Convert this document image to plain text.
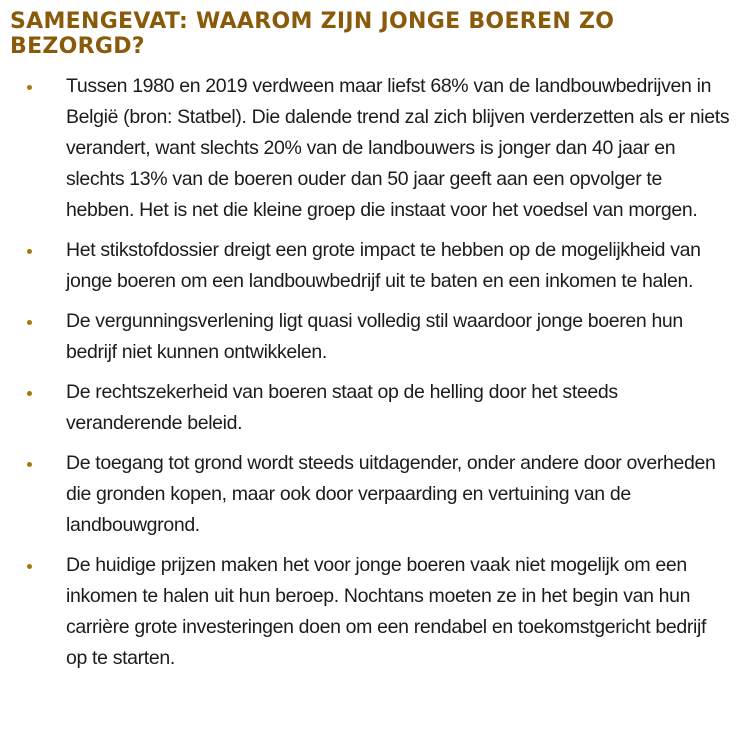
SAMENGEVAT: WAAROM ZIJN JONGE BOEREN ZO BEZORGD?
Tussen 1980 en 2019 verdween maar liefst 68% van de landbouwbedrijven in België (bron: Statbel). Die dalende trend zal zich blijven verderzetten als er niets verandert, want slechts 20% van de landbouwers is jonger dan 40 jaar en slechts 13% van de boeren ouder dan 50 jaar geeft aan een opvolger te hebben. Het is net die kleine groep die instaat voor het voedsel van morgen.
Het stikstofdossier dreigt een grote impact te hebben op de mogelijkheid van jonge boeren om een landbouwbedrijf uit te baten en een inkomen te halen.
De vergunningsverlening ligt quasi volledig stil waardoor jonge boeren hun bedrijf niet kunnen ontwikkelen.
De rechtszekerheid van boeren staat op de helling door het steeds veranderende beleid.
De toegang tot grond wordt steeds uitdagender, onder andere door overheden die gronden kopen, maar ook door verpaarding en vertuining van de landbouwgrond.
De huidige prijzen maken het voor jonge boeren vaak niet mogelijk om een inkomen te halen uit hun beroep. Nochtans moeten ze in het begin van hun carrière grote investeringen doen om een rendabel en toekomstgericht bedrijf op te starten.
